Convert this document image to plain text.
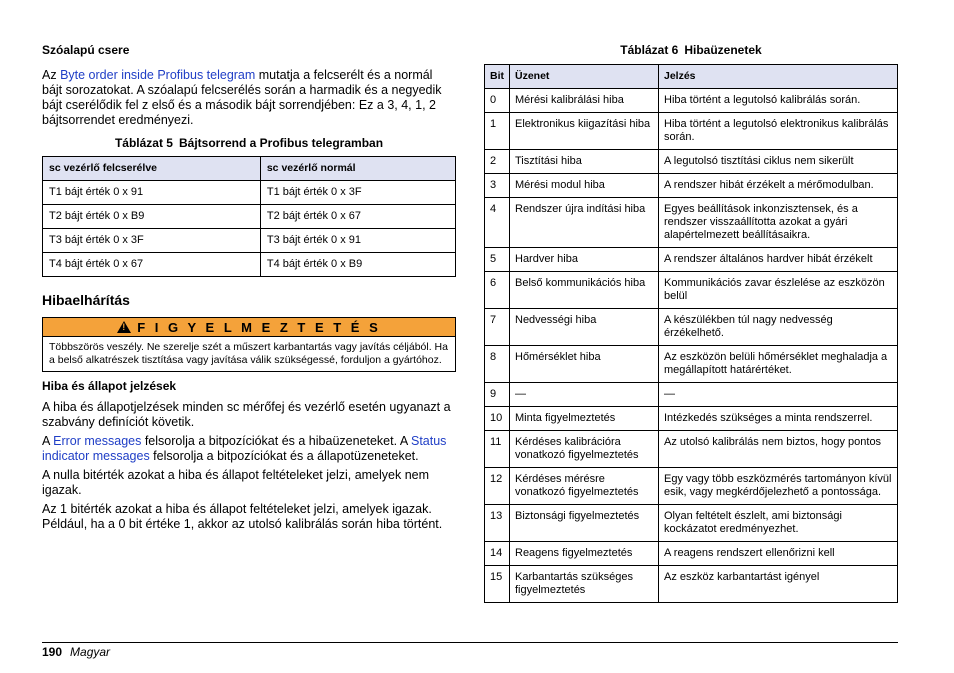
Szóalapú csere

Az Byte order inside Profibus telegram mutatja a felcserélt és a normál bájt sorozatokat. A szóalapú felcserélés során a harmadik és a negyedik bájt cserélődik fel z első és a második bájt sorrendjében: Ez a 3, 4, 1, 2 bájtsorrendet eredményezi.

Táblázat 5 Bájtsorrend a Profibus telegramban
sc vezérlő felcserélve	sc vezérlő normál
T1 bájt érték 0 x 91	T1 bájt érték 0 x 3F
T2 bájt érték 0 x B9	T2 bájt érték 0 x 67
T3 bájt érték 0 x 3F	T3 bájt érték 0 x 91
T4 bájt érték 0 x 67	T4 bájt érték 0 x B9
Hibaelhárítás
!F I G Y E L M E Z T E T É S
Többszörös veszély. Ne szerelje szét a műszert karbantartás vagy javítás céljából. Ha a belső alkatrészek tisztítása vagy javítása válik szükségessé, forduljon a gyártóhoz.
Hiba és állapot jelzések

A hiba és állapotjelzések minden sc mérőfej és vezérlő esetén ugyanazt a szabvány definíciót követik.

A Error messages felsorolja a bitpozíciókat és a hibaüzeneteket. A Status indicator messages felsorolja a bitpozíciókat és a állapotüzeneteket.

A nulla bitérték azokat a hiba és állapot feltételeket jelzi, amelyek nem igazak.

Az 1 bitérték azokat a hiba és állapot feltételeket jelzi, amelyek igazak. Például, ha a 0 bit értéke 1, akkor az utolsó kalibrálás során hiba történt.

Táblázat 6 Hibaüzenetek
Bit	Üzenet	Jelzés
0	Mérési kalibrálási hiba	Hiba történt a legutolsó kalibrálás során.
1	Elektronikus kiigazítási hiba	Hiba történt a legutolsó elektronikus kalibrálás során.
2	Tisztítási hiba	A legutolsó tisztítási ciklus nem sikerült
3	Mérési modul hiba	A rendszer hibát érzékelt a mérőmodulban.
4	Rendszer újra indítási hiba	Egyes beállítások inkonzisztensek, és a rendszer visszaállította azokat a gyári alapértelmezett beállításaikra.
5	Hardver hiba	A rendszer általános hardver hibát érzékelt
6	Belső kommunikációs hiba	Kommunikációs zavar észlelése az eszközön belül
7	Nedvességi hiba	A készülékben túl nagy nedvesség érzékelhető.
8	Hőmérséklet hiba	Az eszközön belüli hőmérséklet meghaladja a megállapított határértéket.
9	—	—
10	Minta figyelmeztetés	Intézkedés szükséges a minta rendszerrel.
11	Kérdéses kalibrációra vonatkozó figyelmeztetés	Az utolsó kalibrálás nem biztos, hogy pontos
12	Kérdéses mérésre vonatkozó figyelmeztetés	Egy vagy több eszközmérés tartományon kívül esik, vagy megkérdőjelezhető a pontossága.
13	Biztonsági figyelmeztetés	Olyan feltételt észlelt, ami biztonsági kockázatot eredményezhet.
14	Reagens figyelmeztetés	A reagens rendszert ellenőrizni kell
15	Karbantartás szükséges figyelmeztetés	Az eszköz karbantartást igényel
190 Magyar
